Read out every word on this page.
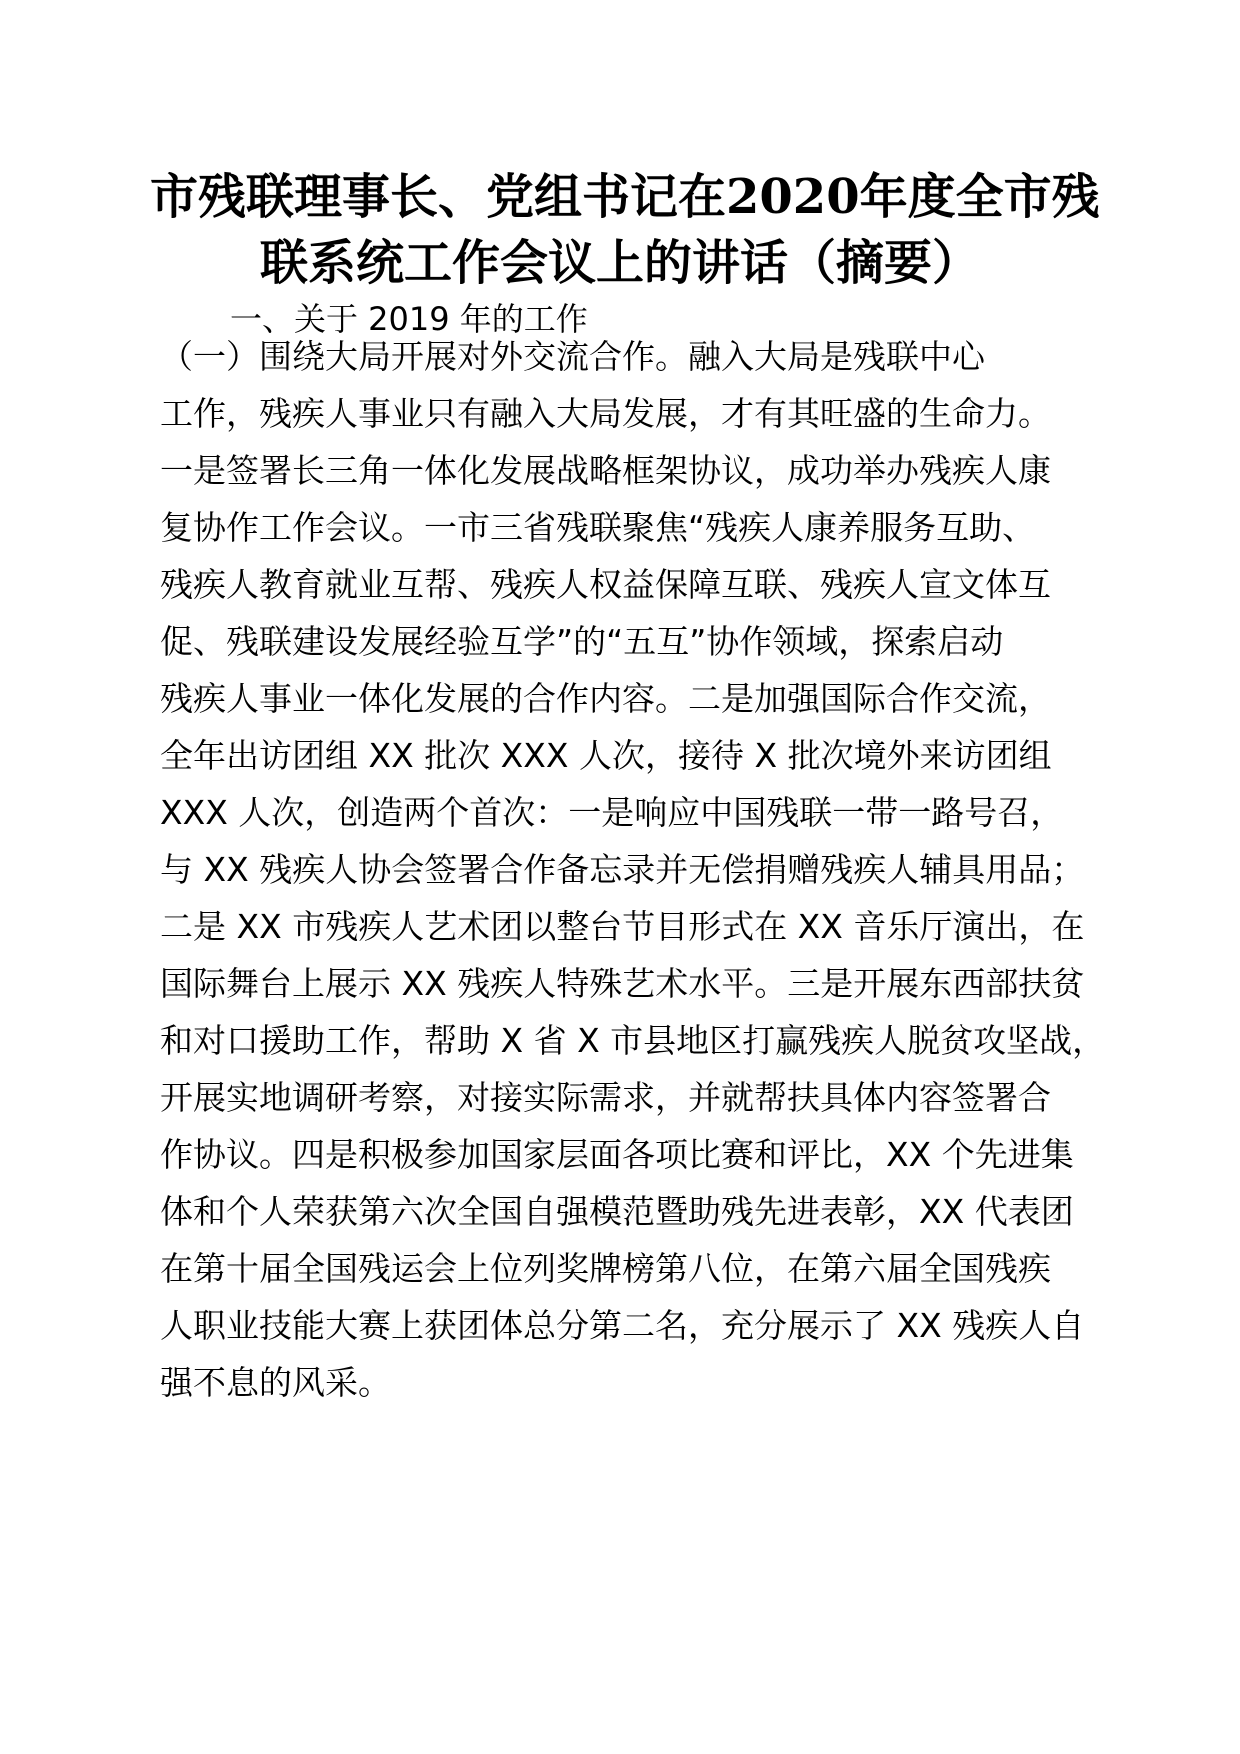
市残联理事长、党组书记在2020年度全市残
联系统工作会议上的讲话（摘要）
一、关于 2019 年的工作
（一）围绕大局开展对外交流合作。融入大局是残联中心
工作，残疾人事业只有融入大局发展，才有其旺盛的生命力。
一是签署长三角一体化发展战略框架协议，成功举办残疾人康
复协作工作会议。一市三省残联聚焦“残疾人康养服务互助、
残疾人教育就业互帮、残疾人权益保障互联、残疾人宣文体互
促、残联建设发展经验互学”的“五互”协作领域，探索启动
残疾人事业一体化发展的合作内容。二是加强国际合作交流，
全年出访团组 XX 批次 XXX 人次，接待 X 批次境外来访团组
XXX 人次，创造两个首次：一是响应中国残联一带一路号召，
与 XX 残疾人协会签署合作备忘录并无偿捐赠残疾人辅具用品；
二是 XX 市残疾人艺术团以整台节目形式在 XX 音乐厅演出，在
国际舞台上展示 XX 残疾人特殊艺术水平。三是开展东西部扶贫
和对口援助工作，帮助 X 省 X 市县地区打赢残疾人脱贫攻坚战，
开展实地调研考察，对接实际需求，并就帮扶具体内容签署合
作协议。四是积极参加国家层面各项比赛和评比，XX 个先进集
体和个人荣获第六次全国自强模范暨助残先进表彰，XX 代表团
在第十届全国残运会上位列奖牌榜第八位，在第六届全国残疾
人职业技能大赛上获团体总分第二名，充分展示了 XX 残疾人自
强不息的风采。
